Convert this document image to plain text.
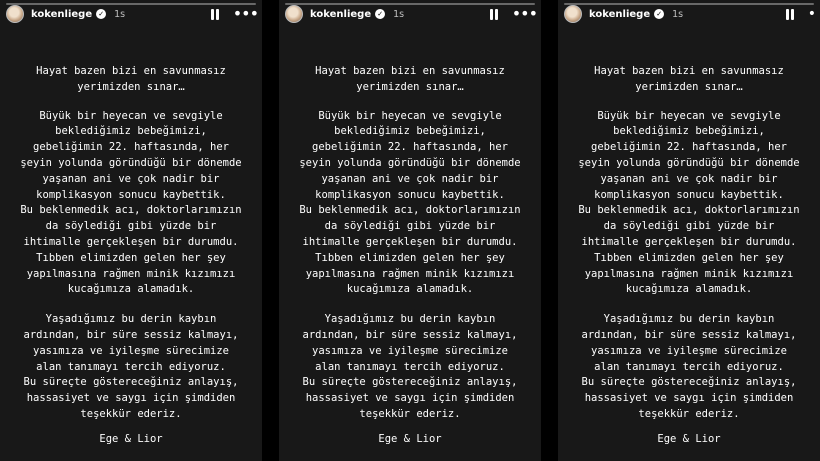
kokenliege ✓ 1s	•••

Hayat bazen bizi en savunmasız
yerimizden sınar…

Büyük bir heyecan ve sevgiyle
beklediğimiz bebeğimizi,
gebeliğimin 22. haftasında, her
şeyin yolunda göründüğü bir dönemde
yaşanan ani ve çok nadir bir
komplikasyon sonucu kaybettik.
Bu beklenmedik acı, doktorlarımızın
da söylediği gibi yüzde bir
ihtimalle gerçekleşen bir durumdu.
Tıbben elimizden gelen her şey
yapılmasına rağmen minik kızımızı
kucağımıza alamadık.

Yaşadığımız bu derin kaybın
ardından, bir süre sessiz kalmayı,
yasımıza ve iyileşme sürecimize
alan tanımayı tercih ediyoruz.
Bu süreçte göstereceğiniz anlayış,
hassasiyet ve saygı için şimdiden
teşekkür ederiz.

Ege & Lior
kokenliege ✓ 1s	•••

Hayat bazen bizi en savunmasız
yerimizden sınar…

Büyük bir heyecan ve sevgiyle
beklediğimiz bebeğimizi,
gebeliğimin 22. haftasında, her
şeyin yolunda göründüğü bir dönemde
yaşanan ani ve çok nadir bir
komplikasyon sonucu kaybettik.
Bu beklenmedik acı, doktorlarımızın
da söylediği gibi yüzde bir
ihtimalle gerçekleşen bir durumdu.
Tıbben elimizden gelen her şey
yapılmasına rağmen minik kızımızı
kucağımıza alamadık.

Yaşadığımız bu derin kaybın
ardından, bir süre sessiz kalmayı,
yasımıza ve iyileşme sürecimize
alan tanımayı tercih ediyoruz.
Bu süreçte göstereceğiniz anlayış,
hassasiyet ve saygı için şimdiden
teşekkür ederiz.

Ege & Lior
kokenliege ✓ 1s	•

Hayat bazen bizi en savunmasız
yerimizden sınar…

Büyük bir heyecan ve sevgiyle
beklediğimiz bebeğimizi,
gebeliğimin 22. haftasında, her
şeyin yolunda göründüğü bir dönemde
yaşanan ani ve çok nadir bir
komplikasyon sonucu kaybettik.
Bu beklenmedik acı, doktorlarımızın
da söylediği gibi yüzde bir
ihtimalle gerçekleşen bir durumdu.
Tıbben elimizden gelen her şey
yapılmasına rağmen minik kızımızı
kucağımıza alamadık.

Yaşadığımız bu derin kaybın
ardından, bir süre sessiz kalmayı,
yasımıza ve iyileşme sürecimize
alan tanımayı tercih ediyoruz.
Bu süreçte göstereceğiniz anlayış,
hassasiyet ve saygı için şimdiden
teşekkür ederiz.

Ege & Lior
